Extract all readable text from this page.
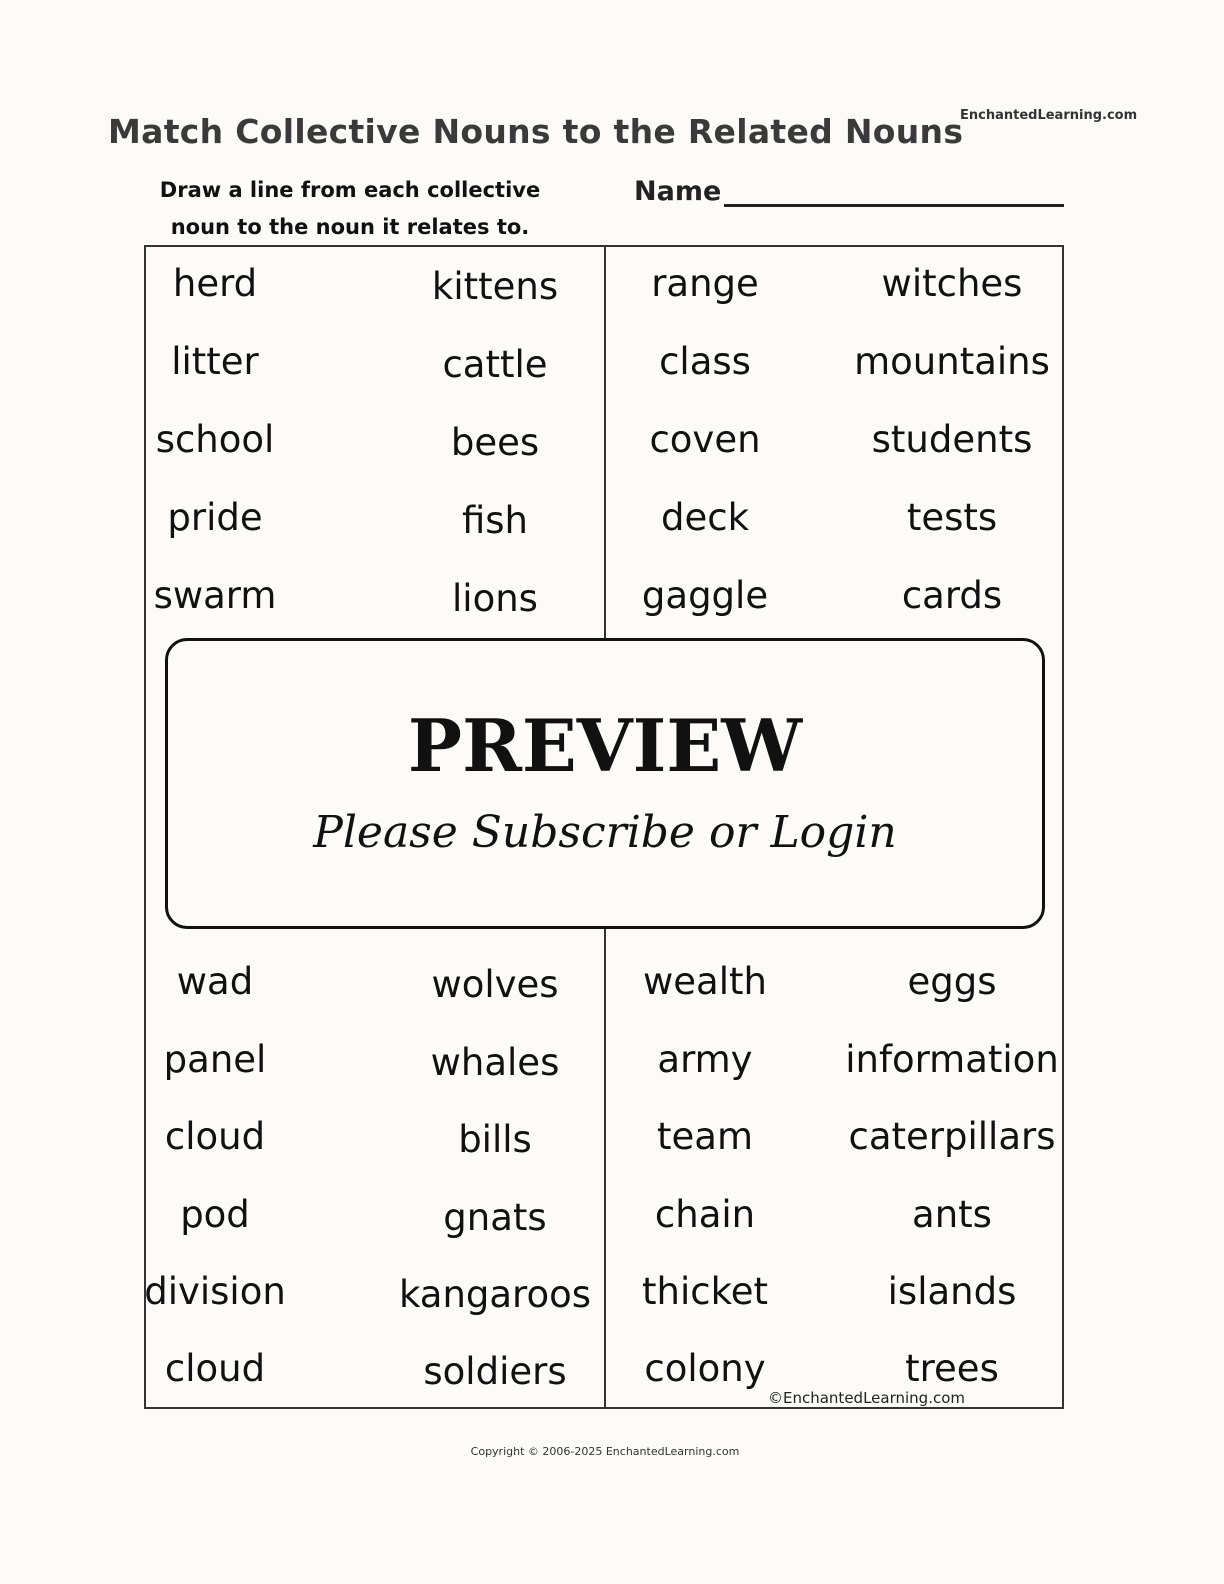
Match Collective Nouns to the Related Nouns
EnchantedLearning.com
Draw a line from each collective noun to the noun it relates to.
Name
herd
litter
school
pride
swarm
kittens
cattle
bees
fish
lions
range
class
coven
deck
gaggle
witches
mountains
students
tests
cards
wad
panel
cloud
pod
division
cloud
wolves
whales
bills
gnats
kangaroos
soldiers
wealth
army
team
chain
thicket
colony
eggs
information
caterpillars
ants
islands
trees
PREVIEW
Please Subscribe or Login
©EnchantedLearning.com
Copyright © 2006-2025 EnchantedLearning.com
